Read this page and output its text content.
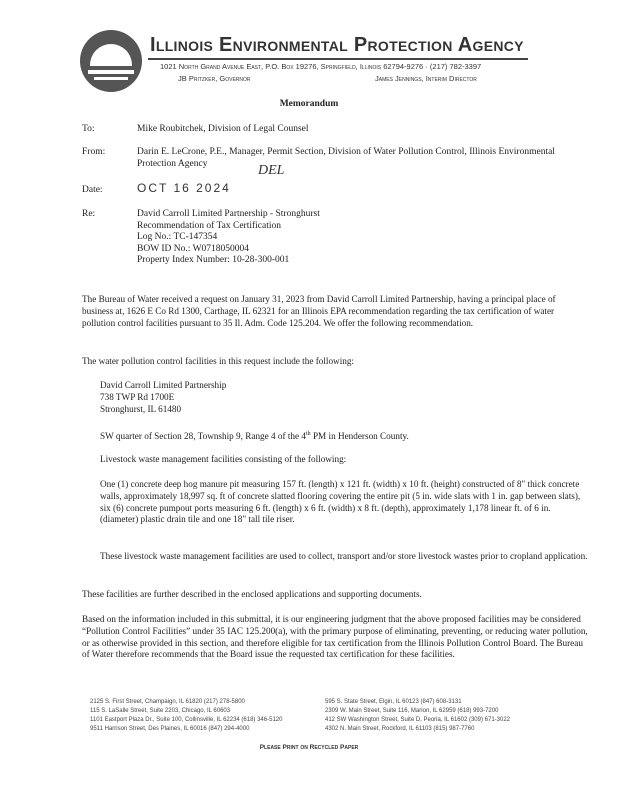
Illinois Environmental Protection Agency
1021 North Grand Avenue East, P.O. Box 19276, Springfield, Illinois 62794-9276 · (217) 782-3397
JB Pritzker, Governor	James Jennings, Interim Director
Memorandum
To:	Mike Roubitchek, Division of Legal Counsel
From:	Darin E. LeCrone, P.E., Manager, Permit Section, Division of Water Pollution Control, Illinois Environmental Protection Agency	DEL
Date:	OCT 16 2024
Re:	David Carroll Limited Partnership - Stronghurst
Recommendation of Tax Certification
Log No.: TC-147354
BOW ID No.: W0718050004
Property Index Number: 10-28-300-001
The Bureau of Water received a request on January 31, 2023 from David Carroll Limited Partnership, having a principal place of business at, 1626 E Co Rd 1300, Carthage, IL 62321 for an Illinois EPA recommendation regarding the tax certification of water pollution control facilities pursuant to 35 Il. Adm. Code 125.204. We offer the following recommendation.
The water pollution control facilities in this request include the following:
David Carroll Limited Partnership
738 TWP Rd 1700E
Stronghurst, IL 61480
SW quarter of Section 28, Township 9, Range 4 of the 4th PM in Henderson County.
Livestock waste management facilities consisting of the following:
One (1) concrete deep hog manure pit measuring 157 ft. (length) x 121 ft. (width) x 10 ft. (height) constructed of 8" thick concrete walls, approximately 18,997 sq. ft of concrete slatted flooring covering the entire pit (5 in. wide slats with 1 in. gap between slats), six (6) concrete pumpout ports measuring 6 ft. (length) x 6 ft. (width) x 8 ft. (depth), approximately 1,178 linear ft. of 6 in. (diameter) plastic drain tile and one 18" tall tile riser.
These livestock waste management facilities are used to collect, transport and/or store livestock wastes prior to cropland application.
These facilities are further described in the enclosed applications and supporting documents.
Based on the information included in this submittal, it is our engineering judgment that the above proposed facilities may be considered “Pollution Control Facilities” under 35 IAC 125.200(a), with the primary purpose of eliminating, preventing, or reducing water pollution, or as otherwise provided in this section, and therefore eligible for tax certification from the Illinois Pollution Control Board. The Bureau of Water therefore recommends that the Board issue the requested tax certification for these facilities.
2125 S. First Street, Champaign, IL 61820 (217) 278-5800
115 S. LaSalle Street, Suite 2203, Chicago, IL 60603
1101 Eastport Plaza Dr., Suite 100, Collinsville, IL 62234 (618) 346-5120
9511 Harrison Street, Des Plaines, IL 60016 (847) 294-4000
595 S. State Street, Elgin, IL 60123 (847) 608-3131
2309 W. Main Street, Suite 116, Marion, IL 62959 (618) 993-7200
412 SW Washington Street, Suite D, Peoria, IL 61602 (309) 671-3022
4302 N. Main Street, Rockford, IL 61103 (815) 987-7760
Please Print on Recycled Paper
